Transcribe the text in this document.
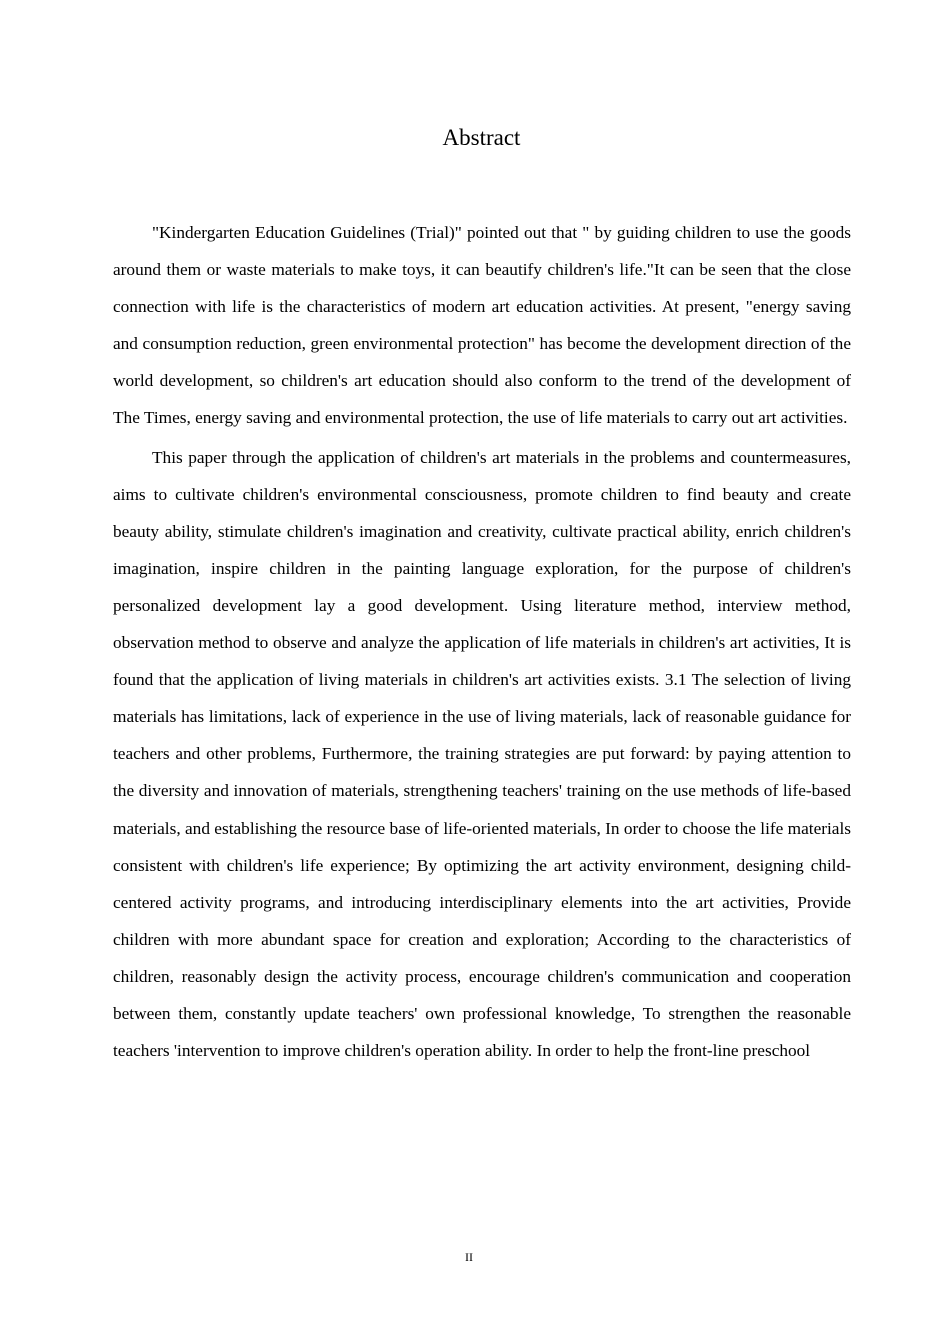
Abstract

"Kindergarten Education Guidelines (Trial)" pointed out that " by guiding children to use the goods around them or waste materials to make toys, it can beautify children's life."It can be seen that the close connection with life is the characteristics of modern art education activities. At present, "energy saving and consumption reduction, green environmental protection" has become the development direction of the world development, so children's art education should also conform to the trend of the development of The Times, energy saving and environmental protection, the use of life materials to carry out art activities.

This paper through the application of children's art materials in the problems and countermeasures, aims to cultivate children's environmental consciousness, promote children to find beauty and create beauty ability, stimulate children's imagination and creativity, cultivate practical ability, enrich children's imagination, inspire children in the painting language exploration, for the purpose of children's personalized development lay a good development. Using literature method, interview method, observation method to observe and analyze the application of life materials in children's art activities, It is found that the application of living materials in children's art activities exists. 3.1 The selection of living materials has limitations, lack of experience in the use of living materials, lack of reasonable guidance for teachers and other problems, Furthermore, the training strategies are put forward: by paying attention to the diversity and innovation of materials, strengthening teachers' training on the use methods of life-based materials, and establishing the resource base of life-oriented materials, In order to choose the life materials consistent with children's life experience; By optimizing the art activity environment, designing child-centered activity programs, and introducing interdisciplinary elements into the art activities, Provide children with more abundant space for creation and exploration; According to the characteristics of children, reasonably design the activity process, encourage children's communication and cooperation between them, constantly update teachers' own professional knowledge, To strengthen the reasonable teachers 'intervention to improve children's operation ability. In order to help the front-line preschool

II
